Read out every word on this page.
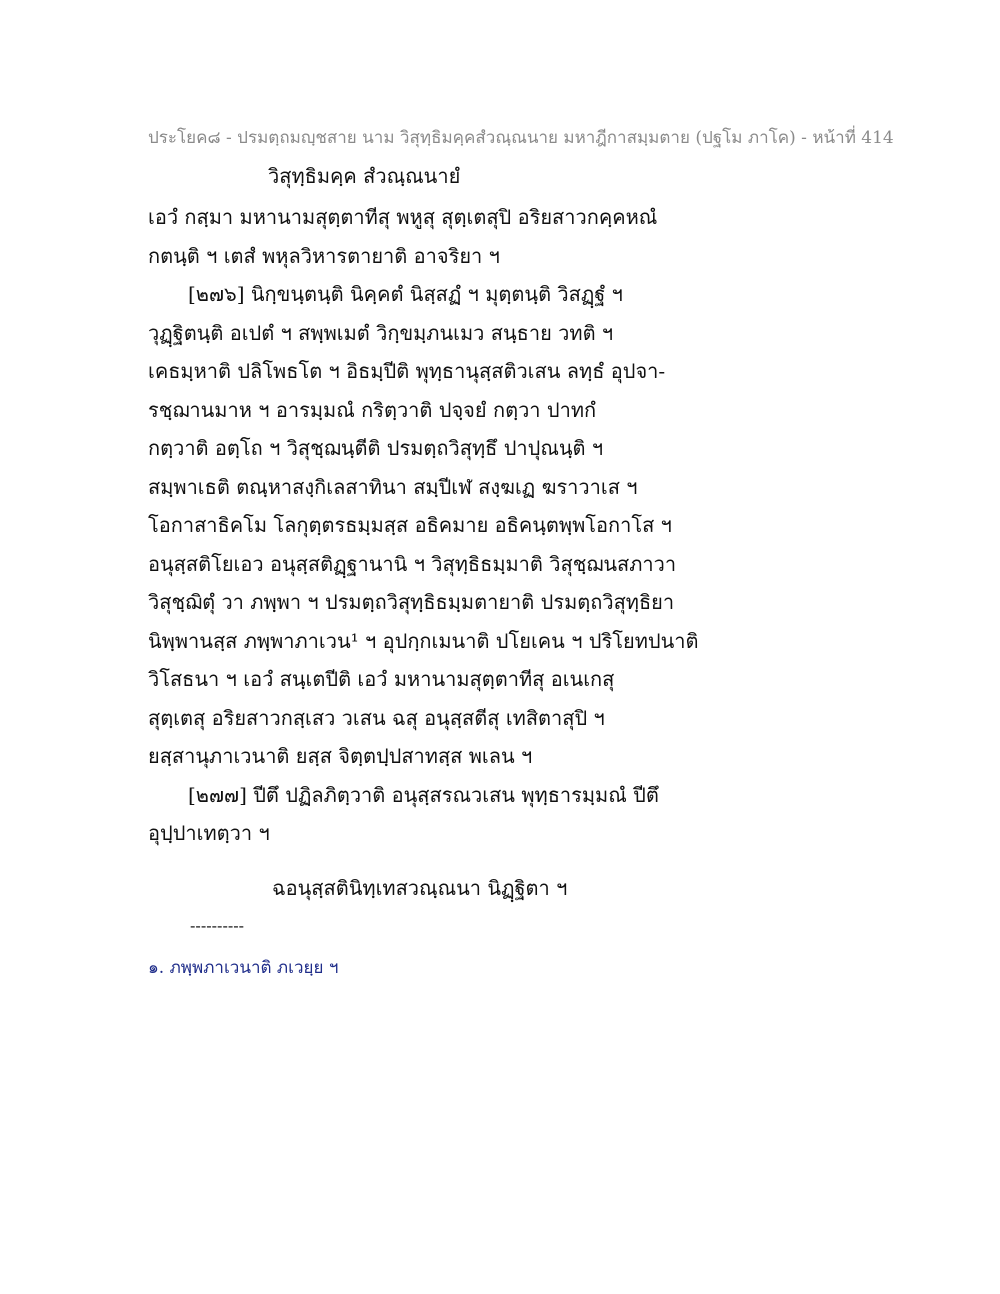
ประโยค๘ - ปรมตฺถมญฺชสาย นาม วิสุทฺธิมคฺคสํวณฺณนาย มหาฎีกาสมฺมตาย (ปฐโม ภาโค) - หน้าที่ 414
วิสุทฺธิมคฺค สํวณฺณนายํ
เอวํ กสฺมา มหานามสุตฺตาทีสุ พหูสุ สุตฺเตสุปิ อริยสาวกคฺคหณํ
กตนฺติ ฯ เตสํ พหุลวิหารตายาติ อาจริยา ฯ
[๒๗๖] นิกฺขนฺตนฺติ นิคฺคตํ นิสฺสฏํ ฯ มุตฺตนฺติ วิสฏฺฐํ ฯ
วุฏฺฐิตนฺติ อเปตํ ฯ สพฺพเมตํ วิกฺขมฺภนเมว สนฺธาย วทติ ฯ
เคธมฺหาติ ปลิโพธโต ฯ อิธมฺปีติ พุทฺธานุสฺสติวเสน ลทฺธํ อุปจา-
รชฺฌานมาห ฯ อารมฺมณํ กริตฺวาติ ปจฺจยํ กตฺวา ปาทกํ
กตฺวาติ อตฺโถ ฯ วิสุชฺฌนฺตีติ ปรมตฺถวิสุทฺธึ ปาปุณนฺติ ฯ
สมฺพาเธติ ตณฺหาสงฺกิเลสาทินา สมฺปีเฬ สงฺฆเฏ ฆราวาเส ฯ
โอกาสาธิคโม โลกุตฺตรธมฺมสฺส อธิคมาย อธิคนฺตพฺพโอกาโส ฯ
อนุสฺสติโยเอว อนุสฺสติฏฺฐานานิ ฯ วิสุทฺธิธมฺมาติ วิสุชฺฌนสภาวา
วิสุชฺฌิตุํ วา ภพฺพา ฯ ปรมตฺถวิสุทฺธิธมฺมตายาติ ปรมตฺถวิสุทฺธิยา
นิพฺพานสฺส ภพฺพาภาเวน¹ ฯ อุปกฺกเมนาติ ปโยเคน ฯ ปริโยทปนาติ
วิโสธนา ฯ เอวํ สนฺเตปีติ เอวํ มหานามสุตฺตาทีสุ อเนเกสุ
สุตฺเตสุ อริยสาวกสฺเสว วเสน ฉสุ อนุสฺสตีสุ เทสิตาสุปิ ฯ
ยสฺสานุภาเวนาติ ยสฺส จิตฺตปฺปสาทสฺส พเลน ฯ
[๒๗๗] ปีตึ ปฏิลภิตฺวาติ อนุสฺสรณวเสน พุทฺธารมฺมณํ ปีตึ
อุปฺปาเทตฺวา ฯ
ฉอนุสฺสตินิทฺเทสวณฺณนา นิฏฺฐิตา ฯ
----------
๑. ภพฺพภาเวนาติ ภเวยฺย ฯ
